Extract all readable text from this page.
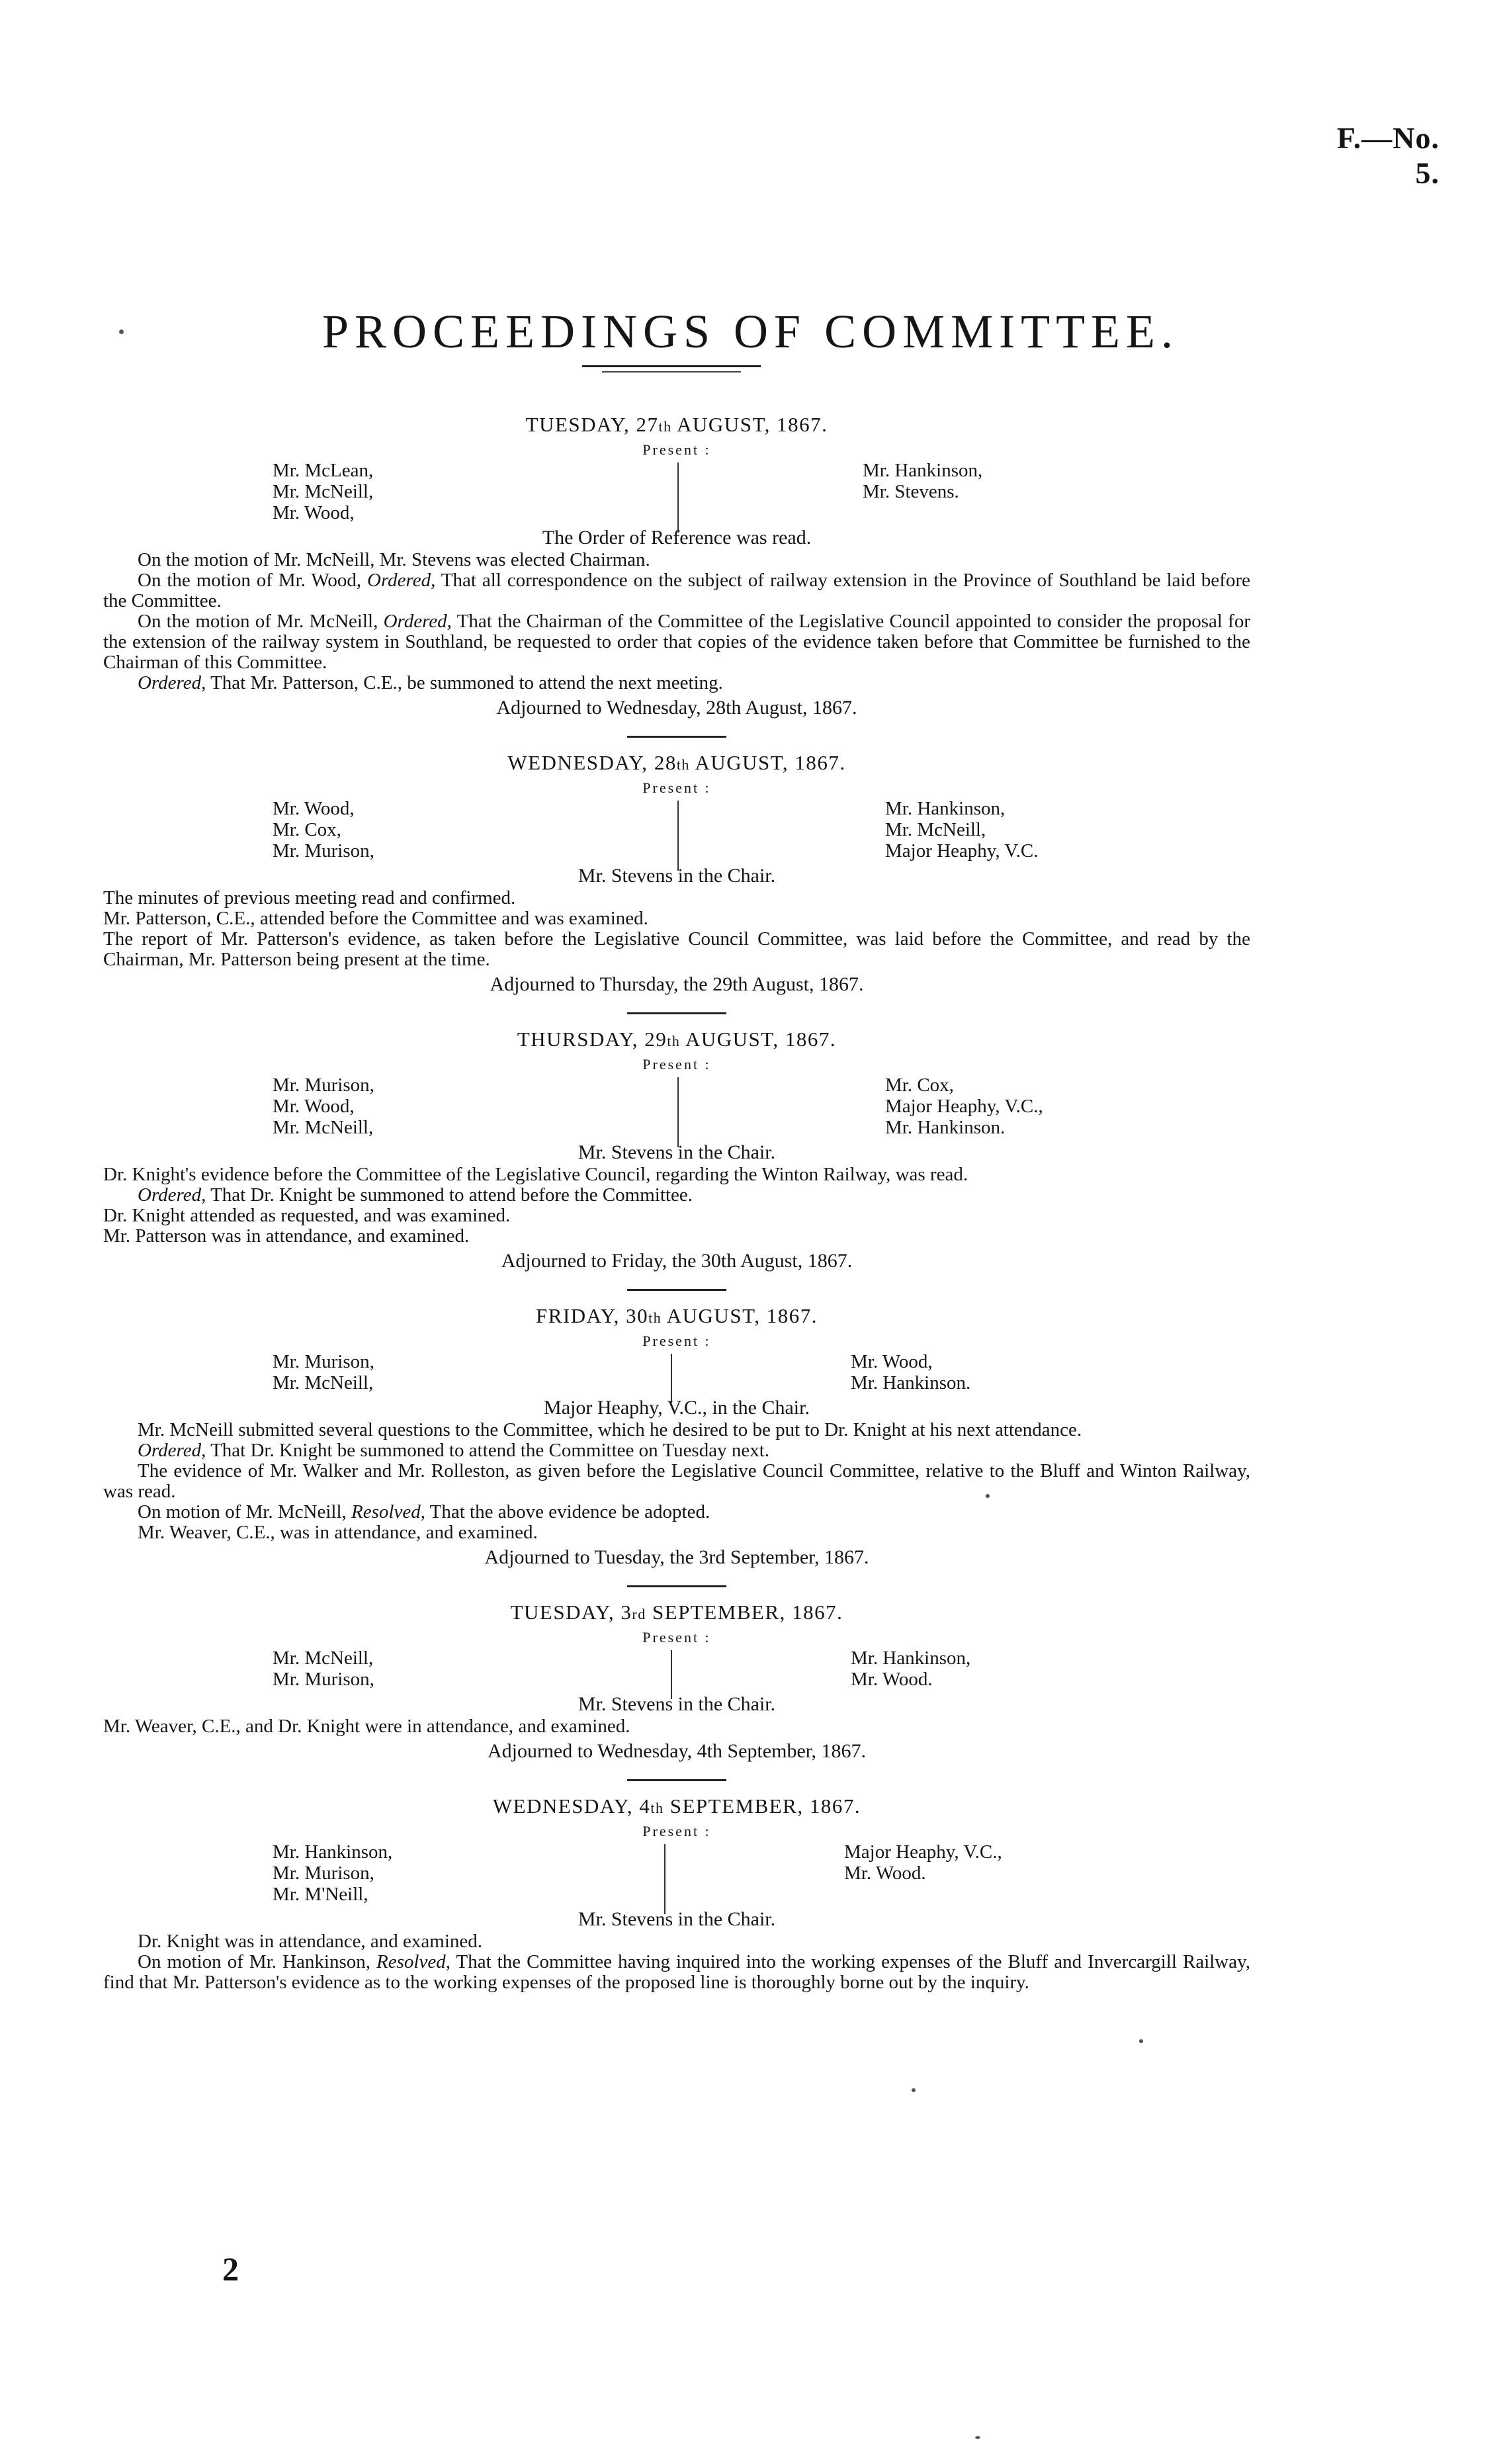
F.—No. 5.
PROCEEDINGS OF COMMITTEE.
TUESDAY, 27th AUGUST, 1867.
Present :
Mr. McLean,
Mr. McNeill,
Mr. Wood,
Mr. Hankinson,
Mr. Stevens.
The Order of Reference was read.

On the motion of Mr. McNeill, Mr. Stevens was elected Chairman.

On the motion of Mr. Wood, Ordered, That all correspondence on the subject of railway extension in the Province of Southland be laid before the Committee.

On the motion of Mr. McNeill, Ordered, That the Chairman of the Committee of the Legislative Council appointed to consider the proposal for the extension of the railway system in Southland, be requested to order that copies of the evidence taken before that Committee be furnished to the Chairman of this Committee.

Ordered, That Mr. Patterson, C.E., be summoned to attend the next meeting.

Adjourned to Wednesday, 28th August, 1867.
WEDNESDAY, 28th AUGUST, 1867.
Present :
Mr. Wood,
Mr. Cox,
Mr. Murison,
Mr. Hankinson,
Mr. McNeill,
Major Heaphy, V.C.
Mr. Stevens in the Chair.

The minutes of previous meeting read and confirmed.

Mr. Patterson, C.E., attended before the Committee and was examined.

The report of Mr. Patterson's evidence, as taken before the Legislative Council Committee, was laid before the Committee, and read by the Chairman, Mr. Patterson being present at the time.

Adjourned to Thursday, the 29th August, 1867.
THURSDAY, 29th AUGUST, 1867.
Present :
Mr. Murison,
Mr. Wood,
Mr. McNeill,
Mr. Cox,
Major Heaphy, V.C.,
Mr. Hankinson.
Mr. Stevens in the Chair.

Dr. Knight's evidence before the Committee of the Legislative Council, regarding the Winton Railway, was read.

Ordered, That Dr. Knight be summoned to attend before the Committee.

Dr. Knight attended as requested, and was examined.

Mr. Patterson was in attendance, and examined.

Adjourned to Friday, the 30th August, 1867.
FRIDAY, 30th AUGUST, 1867.
Present :
Mr. Murison,
Mr. McNeill,
Mr. Wood,
Mr. Hankinson.
Major Heaphy, V.C., in the Chair.

Mr. McNeill submitted several questions to the Committee, which he desired to be put to Dr. Knight at his next attendance.

Ordered, That Dr. Knight be summoned to attend the Committee on Tuesday next.

The evidence of Mr. Walker and Mr. Rolleston, as given before the Legislative Council Committee, relative to the Bluff and Winton Railway, was read.

On motion of Mr. McNeill, Resolved, That the above evidence be adopted.

Mr. Weaver, C.E., was in attendance, and examined.

Adjourned to Tuesday, the 3rd September, 1867.
TUESDAY, 3rd SEPTEMBER, 1867.
Present :
Mr. McNeill,
Mr. Murison,
Mr. Hankinson,
Mr. Wood.
Mr. Stevens in the Chair.

Mr. Weaver, C.E., and Dr. Knight were in attendance, and examined.

Adjourned to Wednesday, 4th September, 1867.
WEDNESDAY, 4th SEPTEMBER, 1867.
Present :
Mr. Hankinson,
Mr. Murison,
Mr. M'Neill,
Major Heaphy, V.C.,
Mr. Wood.
Mr. Stevens in the Chair.

Dr. Knight was in attendance, and examined.

On motion of Mr. Hankinson, Resolved, That the Committee having inquired into the working expenses of the Bluff and Invercargill Railway, find that Mr. Patterson's evidence as to the working expenses of the proposed line is thoroughly borne out by the inquiry.

2
